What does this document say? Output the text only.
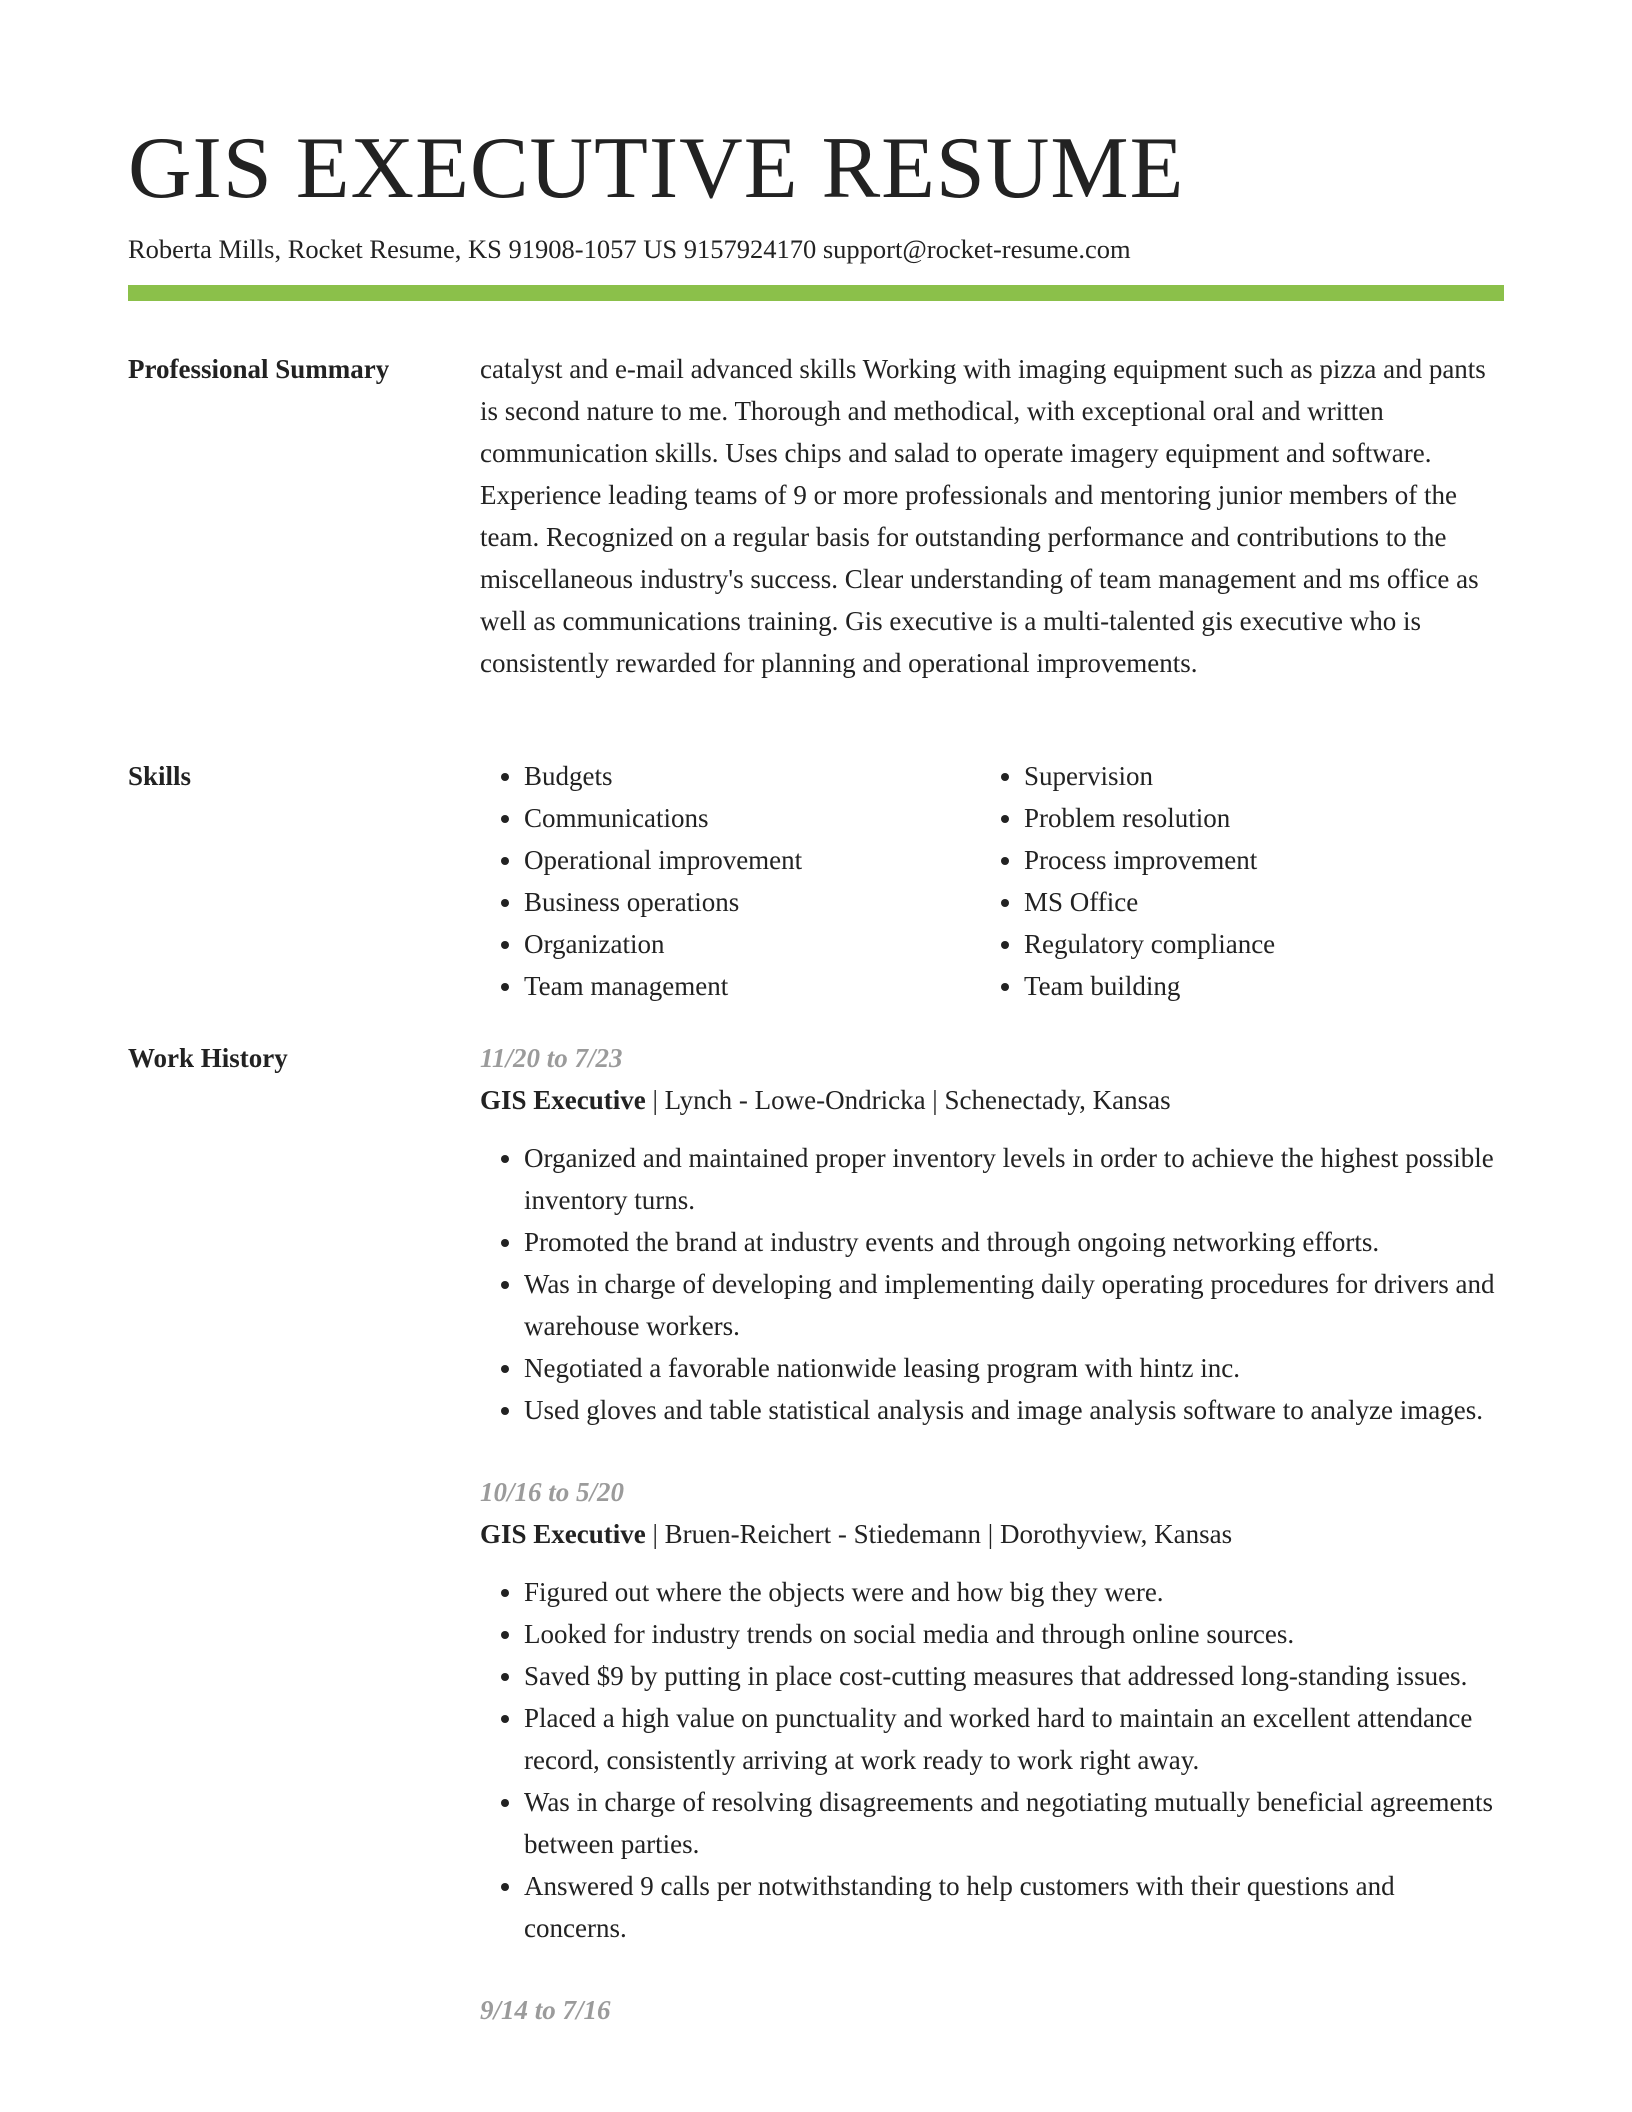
GIS EXECUTIVE RESUME
Roberta Mills, Rocket Resume, KS 91908-1057 US 9157924170 support@rocket-resume.com
Professional Summary	catalyst and e-mail advanced skills Working with imaging equipment such as pizza and pants is second nature to me. Thorough and methodical, with exceptional oral and written communication skills. Uses chips and salad to operate imagery equipment and software. Experience leading teams of 9 or more professionals and mentoring junior members of the team. Recognized on a regular basis for outstanding performance and contributions to the miscellaneous industry's success. Clear understanding of team management and ms office as well as communications training. Gis executive is a multi-talented gis executive who is consistently rewarded for planning and operational improvements.

Skills
•	Budgets
• Communications
• Operational improvement
• Business operations
• Organization
• Team management
• Supervision
• Problem resolution
• Process improvement
• MS Office
• Regulatory compliance
• Team building
Work History	11/20 to 7/23
GIS Executive | Lynch - Lowe-Ondricka | Schenectady, Kansas
• Organized and maintained proper inventory levels in order to achieve the highest possible inventory turns.
• Promoted the brand at industry events and through ongoing networking efforts.
• Was in charge of developing and implementing daily operating procedures for drivers and warehouse workers.
• Negotiated a favorable nationwide leasing program with hintz inc.
• Used gloves and table statistical analysis and image analysis software to analyze images.
10/16 to 5/20
GIS Executive | Bruen-Reichert - Stiedemann | Dorothyview, Kansas
• Figured out where the objects were and how big they were.
• Looked for industry trends on social media and through online sources.
• Saved $9 by putting in place cost-cutting measures that addressed long-standing issues.
• Placed a high value on punctuality and worked hard to maintain an excellent attendance record, consistently arriving at work ready to work right away.
• Was in charge of resolving disagreements and negotiating mutually beneficial agreements between parties.
• Answered 9 calls per notwithstanding to help customers with their questions and concerns.
9/14 to 7/16
